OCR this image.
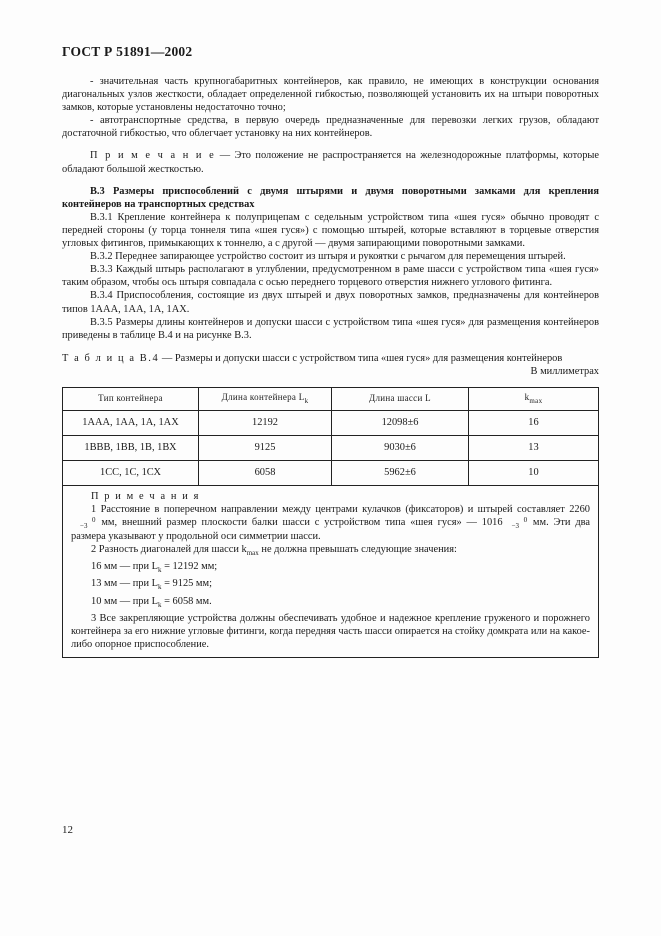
ГОСТ Р 51891—2002

- значительная часть крупногабаритных контейнеров, как правило, не имеющих в конструкции основания диагональных узлов жесткости, обладает определенной гибкостью, позволяющей установить их на штыри поворотных замков, которые установлены недостаточно точно;

- автотранспортные средства, в первую очередь предназначенные для перевозки легких грузов, обладают достаточной гибкостью, что облегчает установку на них контейнеров.

П р и м е ч а н и е — Это положение не распространяется на железнодорожные платформы, которые обладают большой жесткостью.

В.3 Размеры приспособлений с двумя штырями и двумя поворотными замками для крепления контейнеров на транспортных средствах

В.3.1 Крепление контейнера к полуприцепам с седельным устройством типа «шея гуся» обычно проводят с передней стороны (у торца тоннеля типа «шея гуся») с помощью штырей, которые вставляют в торцевые отверстия угловых фитингов, примыкающих к тоннелю, а с другой — двумя запирающими поворотными замками.

В.3.2 Переднее запирающее устройство состоит из штыря и рукоятки с рычагом для перемещения штырей.

В.3.3 Каждый штырь располагают в углублении, предусмотренном в раме шасси с устройством типа «шея гуся» таким образом, чтобы ось штыря совпадала с осью переднего торцевого отверстия нижнего углового фитинга.

В.3.4 Приспособления, состоящие из двух штырей и двух поворотных замков, предназначены для контейнеров типов 1ААА, 1АА, 1А, 1АХ.

В.3.5 Размеры длины контейнеров и допуски шасси с устройством типа «шея гуся» для размещения контейнеров приведены в таблице В.4 и на рисунке В.3.

Т а б л и ц а В.4 — Размеры и допуски шасси с устройством типа «шея гуся» для размещения контейнеров

В миллиметрах

Тип контейнера	Длина контейнера $L_k$	Длина шасси L	$k_{max}$
1ААА, 1АА, 1А, 1АХ	12192	12098±6	16
1ВВВ, 1ВВ, 1В, 1ВХ	9125	9030±6	13
1СС, 1С, 1СХ	6058	5962±6	10

П р и м е ч а н и я

1 Расстояние в поперечном направлении между центрами кулачков (фиксаторов) и штырей составляет 22600
−3 мм, внешний размер плоскости балки шасси с устройством типа «шея гуся» — 1016	0
−3 мм. Эти два размера указывают у продольной оси симметрии шасси.

2 Разность диагоналей для шасси $k_{max}$ не должна превышать следующие значения:

16 мм — при $L_k = 12192$ мм;

13 мм — при $L_k = 9125$ мм;

10 мм — при $L_k = 6058$ мм.

3 Все закрепляющие устройства должны обеспечивать удобное и надежное крепление груженого и порожнего контейнера за его нижние угловые фитинги, когда передняя часть шасси опирается на стойку домкрата или на какое-либо опорное приспособление.

12
